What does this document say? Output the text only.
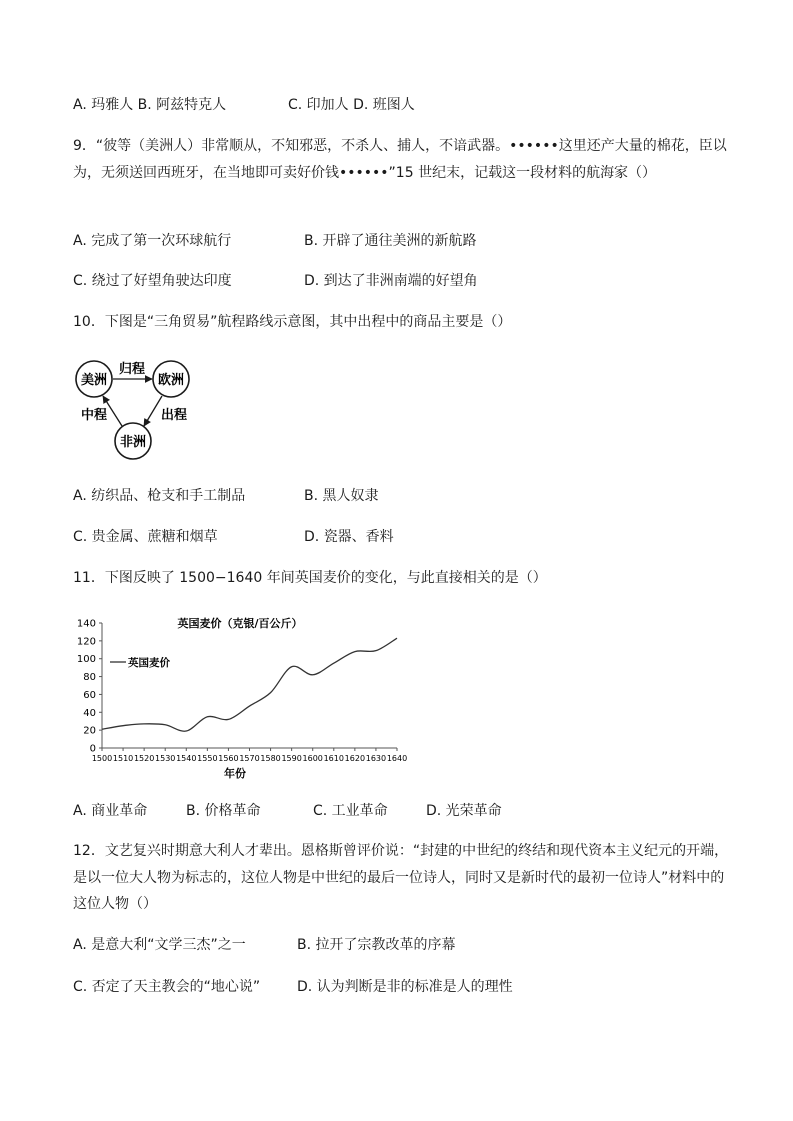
A. 玛雅人 B. 阿兹特克人	C. 印加人 D. 班图人
9．“彼等（美洲人）非常顺从，不知邪恶，不杀人、捕人，不谙武器。••••••这里还产大量的棉花，臣以为，无须送回西班牙，在当地即可卖好价钱••••••”15 世纪末，记载这一段材料的航海家（）
A. 完成了第一次环球航行	B. 开辟了通往美洲的新航路
C. 绕过了好望角驶达印度	D. 到达了非洲南端的好望角
10．下图是“三角贸易”航程路线示意图，其中出程中的商品主要是（）
美洲	欧洲
非洲
归程
出程
中程
A. 纺织品、枪支和手工制品	B. 黑人奴隶
C. 贵金属、蔗糖和烟草	D. 瓷器、香料
11．下图反映了 1500−1640 年间英国麦价的变化，与此直接相关的是（）
英国麦价（克银/百公斤）
年份
英国麦价
0
20
40
60
80
100
120
140
1500 1510 1520 1530 1540 1550 1560 1570 1580 1590 1600 1610 1620 1630 1640
A. 商业革命	B. 价格革命	C. 工业革命	D. 光荣革命
12．文艺复兴时期意大利人才辈出。恩格斯曾评价说：“封建的中世纪的终结和现代资本主义纪元的开端，是以一位大人物为标志的，这位人物是中世纪的最后一位诗人，同时又是新时代的最初一位诗人”材料中的这位人物（）
A. 是意大利“文学三杰”之一	B. 拉开了宗教改革的序幕
C. 否定了天主教会的“地心说”	D. 认为判断是非的标准是人的理性
